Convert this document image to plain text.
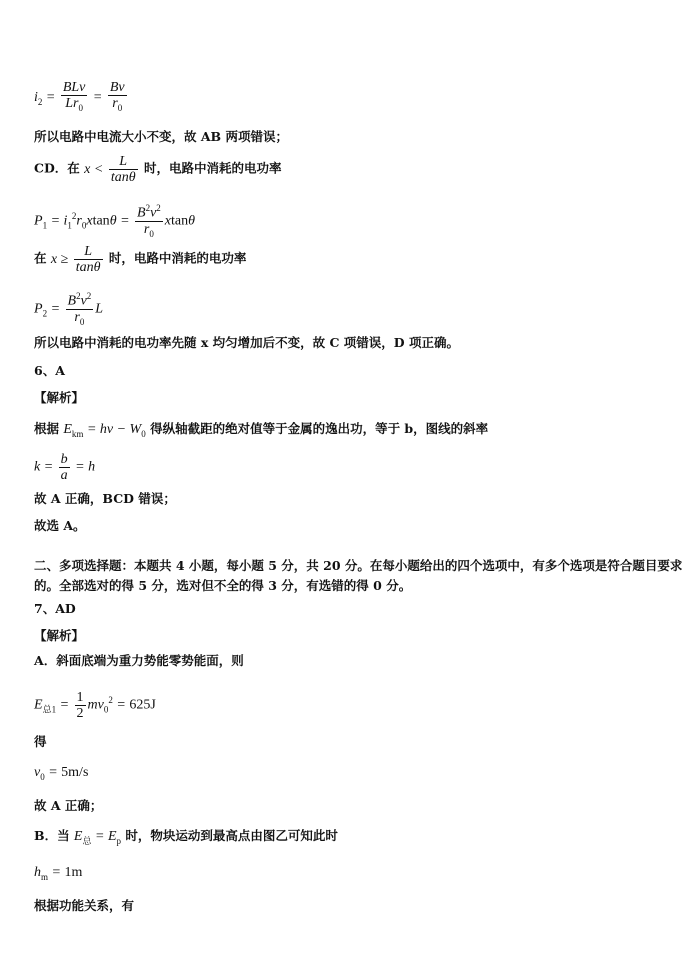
$i_2 = \frac{\text{BLv}}{Lr_0} = \frac{Bv}{r_0}$
所以电路中电流大小不变，故 AB 两项错误；
CD．在 $x < \frac{L}{\tan\theta}$ 时，电路中消耗的电功率
$P_1 = i_1^2r_0xtan\theta = \frac{B^2v^2}{r_0}$ xtanθ
在 $x \ge \frac{L}{\tan\theta}$ 时，电路中消耗的电功率
$P_2 = \frac{B^2v^2}{r_0}$ L
所以电路中消耗的电功率先随 x 均匀增加后不变，故 C 项错误，D 项正确。
6、A
【解析】
根据 $E_{km} = h\nu - W_0$ 得纵轴截距的绝对值等于金属的逸出功，等于 b，图线的斜率
$k = \frac{b}{a} = h$
故 A 正确，BCD 错误；
故选 A。
二、多项选择题：本题共 4 小题，每小题 5 分，共 20 分。在每小题给出的四个选项中，有多个选项是符合题目要求
的。全部选对的得 5 分，选对但不全的得 3 分，有选错的得 0 分。
7、AD
【解析】
A．斜面底端为重力势能零势能面，则
$E_{总1} = \frac{1}{2} mv_0^2 = 625J$
得
$v_0 = 5m/s$
故 A 正确；
B．当 $E_总 = E_p$ 时，物块运动到最高点由图乙可知此时
$h_m = 1m$
根据功能关系，有
